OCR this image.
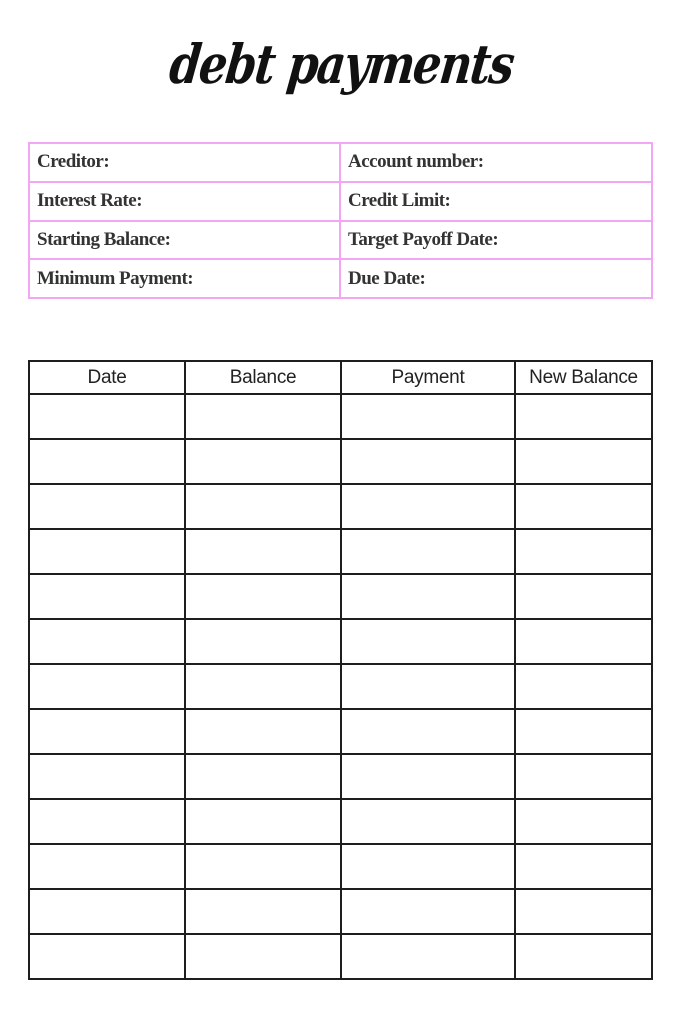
debt payments
Creditor:	Account number:
Interest Rate:	Credit Limit:
Starting Balance:	Target Payoff Date:
Minimum Payment:	Due Date:
Date	Balance	Payment	New Balance
